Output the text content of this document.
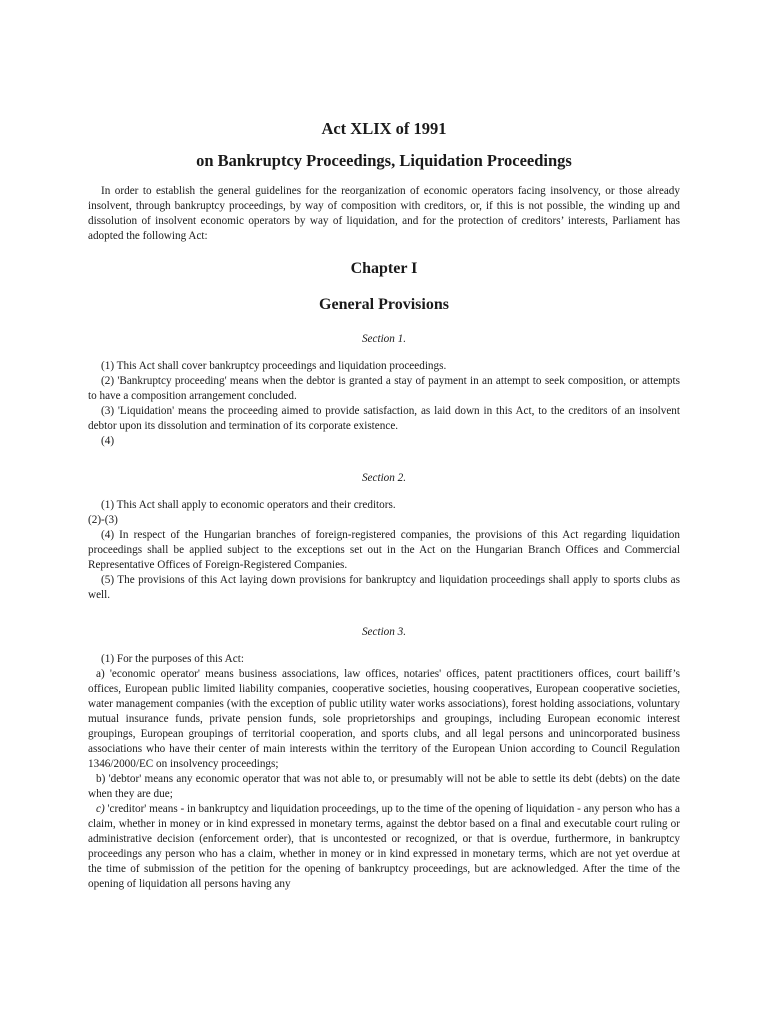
Act XLIX of 1991
on Bankruptcy Proceedings, Liquidation Proceedings

In order to establish the general guidelines for the reorganization of economic operators facing insolvency, or those already insolvent, through bankruptcy proceedings, by way of composition with creditors, or, if this is not possible, the winding up and dissolution of insolvent economic operators by way of liquidation, and for the protection of creditors’ interests, Parliament has adopted the following Act:

Chapter I
General Provisions

Section 1.

(1) This Act shall cover bankruptcy proceedings and liquidation proceedings.

(2) 'Bankruptcy proceeding' means when the debtor is granted a stay of payment in an attempt to seek composition, or attempts to have a composition arrangement concluded.

(3) 'Liquidation' means the proceeding aimed to provide satisfaction, as laid down in this Act, to the creditors of an insolvent debtor upon its dissolution and termination of its corporate existence.

(4)

Section 2.

(1) This Act shall apply to economic operators and their creditors.

(2)-(3)

(4) In respect of the Hungarian branches of foreign-registered companies, the provisions of this Act regarding liquidation proceedings shall be applied subject to the exceptions set out in the Act on the Hungarian Branch Offices and Commercial Representative Offices of Foreign-Registered Companies.

(5) The provisions of this Act laying down provisions for bankruptcy and liquidation proceedings shall apply to sports clubs as well.

Section 3.

(1) For the purposes of this Act:

a) 'economic operator' means business associations, law offices, notaries' offices, patent practitioners offices, court bailiff’s offices, European public limited liability companies, cooperative societies, housing cooperatives, European cooperative societies, water management companies (with the exception of public utility water works associations), forest holding associations, voluntary mutual insurance funds, private pension funds, sole proprietorships and groupings, including European economic interest groupings, European groupings of territorial cooperation, and sports clubs, and all legal persons and unincorporated business associations who have their center of main interests within the territory of the European Union according to Council Regulation 1346/2000/EC on insolvency proceedings;

b) 'debtor' means any economic operator that was not able to, or presumably will not be able to settle its debt (debts) on the date when they are due;

c) 'creditor' means - in bankruptcy and liquidation proceedings, up to the time of the opening of liquidation - any person who has a claim, whether in money or in kind expressed in monetary terms, against the debtor based on a final and executable court ruling or administrative decision (enforcement order), that is uncontested or recognized, or that is overdue, furthermore, in bankruptcy proceedings any person who has a claim, whether in money or in kind expressed in monetary terms, which are not yet overdue at the time of submission of the petition for the opening of bankruptcy proceedings, but are acknowledged. After the time of the opening of liquidation all persons having any
